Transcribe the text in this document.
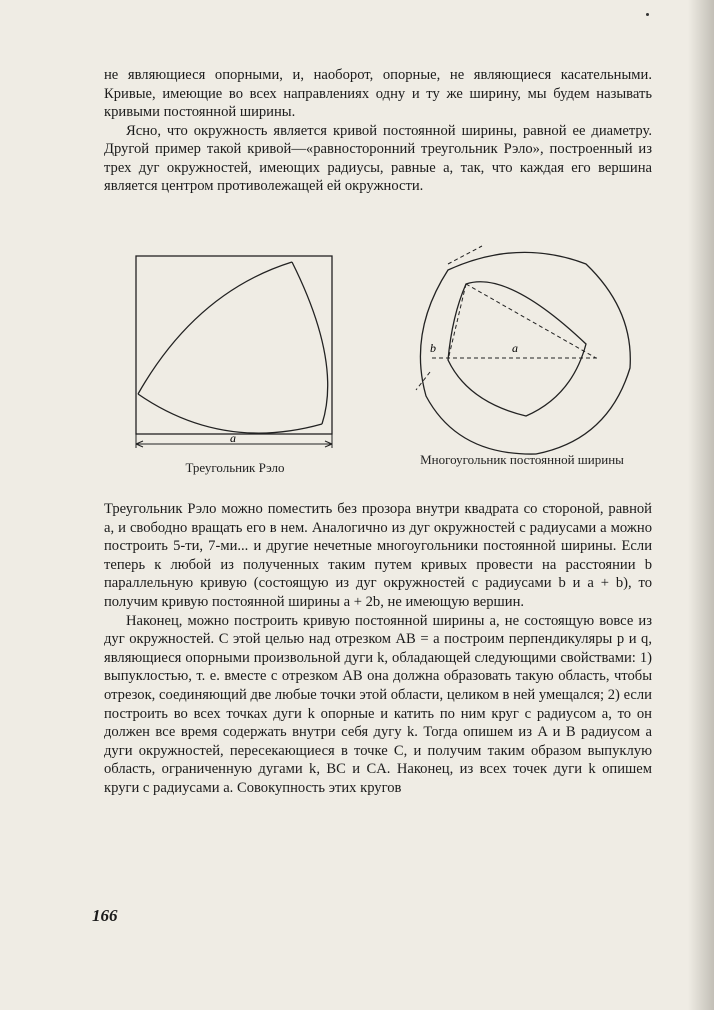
не являющиеся опорными, и, наоборот, опорные, не являющиеся касательными. Кривые, имеющие во всех направлениях одну и ту же ширину, мы будем называть кривыми постоянной ширины.

Ясно, что окружность является кривой постоянной ширины, равной ее диаметру. Другой пример такой кривой—«равносторонний треугольник Рэло», построенный из трех дуг окружностей, имеющих радиусы, равные a, так, что каждая его вершина является центром противолежащей ей окружности.

a
Треугольник Рэло
b	a
Многоугольник постоянной ширины

Треугольник Рэло можно поместить без прозора внутри квадрата со стороной, равной a, и свободно вращать его в нем. Аналогично из дуг окружностей с радиусами a можно построить 5-ти, 7-ми... и другие нечетные многоугольники постоянной ширины. Если теперь к любой из полученных таким путем кривых провести на расстоянии b параллельную кривую (состоящую из дуг окружностей с радиусами b и a + b), то получим кривую постоянной ширины a + 2b, не имеющую вершин.

Наконец, можно построить кривую постоянной ширины a, не состоящую вовсе из дуг окружностей. С этой целью над отрезком AB = a построим перпендикуляры p и q, являющиеся опорными произвольной дуги k, обладающей следующими свойствами: 1) выпуклостью, т. е. вместе с отрезком AB она должна образовать такую область, чтобы отрезок, соединяющий две любые точки этой области, целиком в ней умещался; 2) если построить во всех точках дуги k опорные и катить по ним круг с радиусом a, то он должен все время содержать внутри себя дугу k. Тогда опишем из A и B радиусом a дуги окружностей, пересекающиеся в точке C, и получим таким образом выпуклую область, ограниченную дугами k, BC и CA. Наконец, из всех точек дуги k опишем круги с радиусами a. Совокупность этих кругов

166
